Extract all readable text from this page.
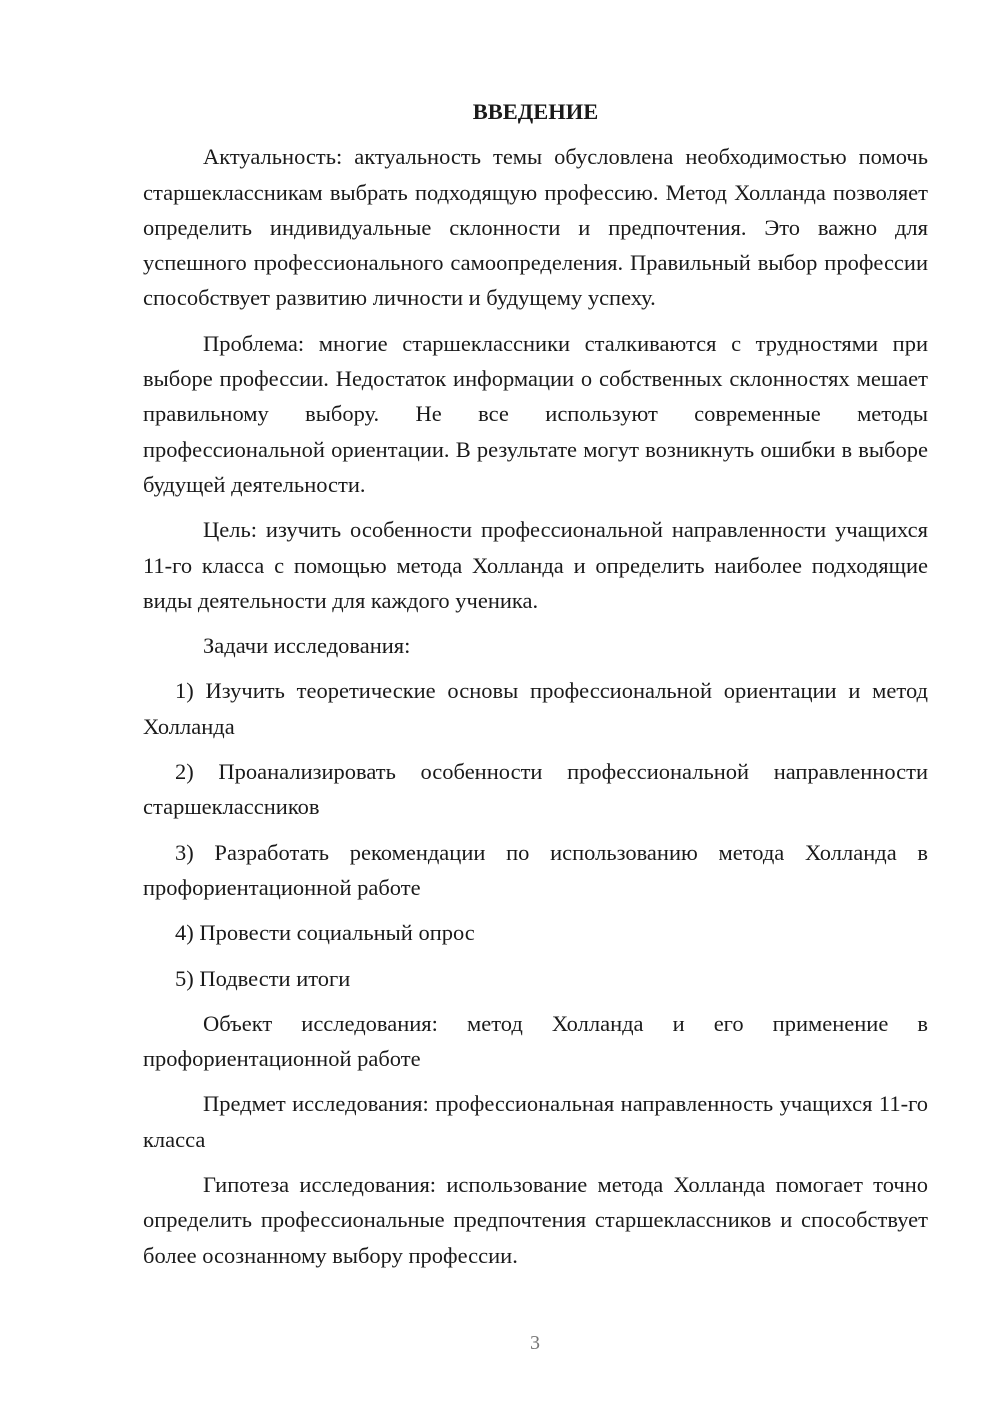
ВВЕДЕНИЕ

Актуальность: актуальность темы обусловлена необходимостью помочь старшеклассникам выбрать подходящую профессию. Метод Холланда позволяет определить индивидуальные склонности и предпочтения. Это важно для успешного профессионального самоопределения. Правильный выбор профессии способствует развитию личности и будущему успеху.

Проблема: многие старшеклассники сталкиваются с трудностями при выборе профессии. Недостаток информации о собственных склонностях мешает правильному выбору. Не все используют современные методы профессиональной ориентации. В результате могут возникнуть ошибки в выборе будущей деятельности.

Цель: изучить особенности профессиональной направленности учащихся 11-го класса с помощью метода Холланда и определить наиболее подходящие виды деятельности для каждого ученика.

Задачи исследования:

1) Изучить теоретические основы профессиональной ориентации и метод Холланда

2) Проанализировать особенности профессиональной направленности старшеклассников

3) Разработать рекомендации по использованию метода Холланда в профориентационной работе

4) Провести социальный опрос

5) Подвести итоги

Объект исследования: метод Холланда и его применение в профориентационной работе

Предмет исследования: профессиональная направленность учащихся 11-го класса

Гипотеза исследования: использование метода Холланда помогает точно определить профессиональные предпочтения старшеклассников и способствует более осознанному выбору профессии.

3
